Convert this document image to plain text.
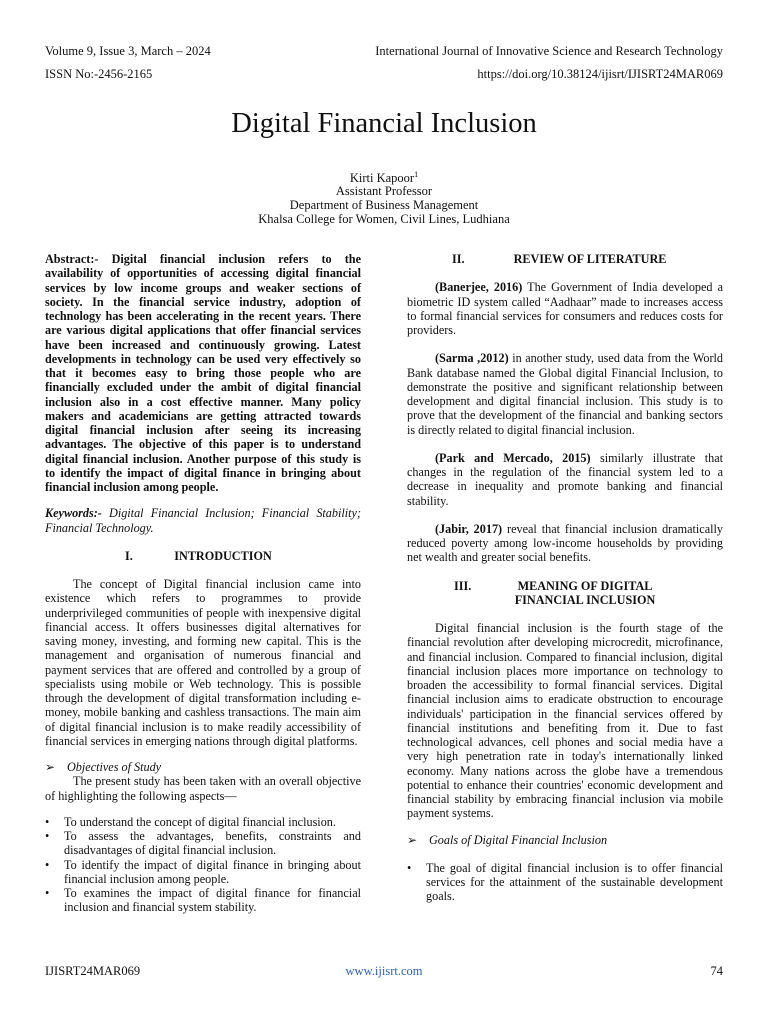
Volume 9, Issue 3, March – 2024	International Journal of Innovative Science and Research Technology
ISSN No:-2456-2165	https://doi.org/10.38124/ijisrt/IJISRT24MAR069
Digital Financial Inclusion
Kirti Kapoor$^1$
Assistant Professor
Department of Business Management
Khalsa College for Women, Civil Lines, Ludhiana

Abstract:- Digital financial inclusion refers to the availability of opportunities of accessing digital financial services by low income groups and weaker sections of society. In the financial service industry, adoption of technology has been accelerating in the recent years. There are various digital applications that offer financial services have been increased and continuously growing. Latest developments in technology can be used very effectively so that it becomes easy to bring those people who are financially excluded under the ambit of digital financial inclusion also in a cost effective manner. Many policy makers and academicians are getting attracted towards digital financial inclusion after seeing its increasing advantages. The objective of this paper is to understand digital financial inclusion. Another purpose of this study is to identify the impact of digital finance in bringing about financial inclusion among people.

Keywords:- Digital Financial Inclusion; Financial Stability; Financial Technology.

I.	INTRODUCTION

The concept of Digital financial inclusion came into existence which refers to programmes to provide underprivileged communities of people with inexpensive digital financial access. It offers businesses digital alternatives for saving money, investing, and forming new capital. This is the management and organisation of numerous financial and payment services that are offered and controlled by a group of specialists using mobile or Web technology. This is possible through the development of digital transformation including e-money, mobile banking and cashless transactions. The main aim of digital financial inclusion is to make readily accessibility of financial services in emerging nations through digital platforms.

➢ Objectives of Study

The present study has been taken with an overall objective of highlighting the following aspects—

• To understand the concept of digital financial inclusion.
• To assess the advantages, benefits, constraints and disadvantages of digital financial inclusion.
• To identify the impact of digital finance in bringing about financial inclusion among people.
• To examines the impact of digital finance for financial inclusion and financial system stability.

II.	REVIEW OF LITERATURE

(Banerjee, 2016) The Government of India developed a biometric ID system called “Aadhaar” made to increases access to formal financial services for consumers and reduces costs for providers.

(Sarma ,2012) in another study, used data from the World Bank database named the Global digital Financial Inclusion, to demonstrate the positive and significant relationship between development and digital financial inclusion. This study is to prove that the development of the financial and banking sectors is directly related to digital financial inclusion.

(Park and Mercado, 2015) similarly illustrate that changes in the regulation of the financial system led to a decrease in inequality and promote banking and financial stability.

(Jabir, 2017) reveal that financial inclusion dramatically reduced poverty among low-income households by providing net wealth and greater social benefits.

III.	MEANING OF DIGITAL

FINANCIAL INCLUSION

Digital financial inclusion is the fourth stage of the financial revolution after developing microcredit, microfinance, and financial inclusion. Compared to financial inclusion, digital financial inclusion places more importance on technology to broaden the accessibility to formal financial services. Digital financial inclusion aims to eradicate obstruction to encourage individuals' participation in the financial services offered by financial institutions and benefiting from it. Due to fast technological advances, cell phones and social media have a very high penetration rate in today's internationally linked economy. Many nations across the globe have a tremendous potential to enhance their countries' economic development and financial stability by embracing financial inclusion via mobile payment systems.

➢ Goals of Digital Financial Inclusion

• The goal of digital financial inclusion is to offer financial services for the attainment of the sustainable development goals.
IJISRT24MAR069	www.ijisrt.com	74
